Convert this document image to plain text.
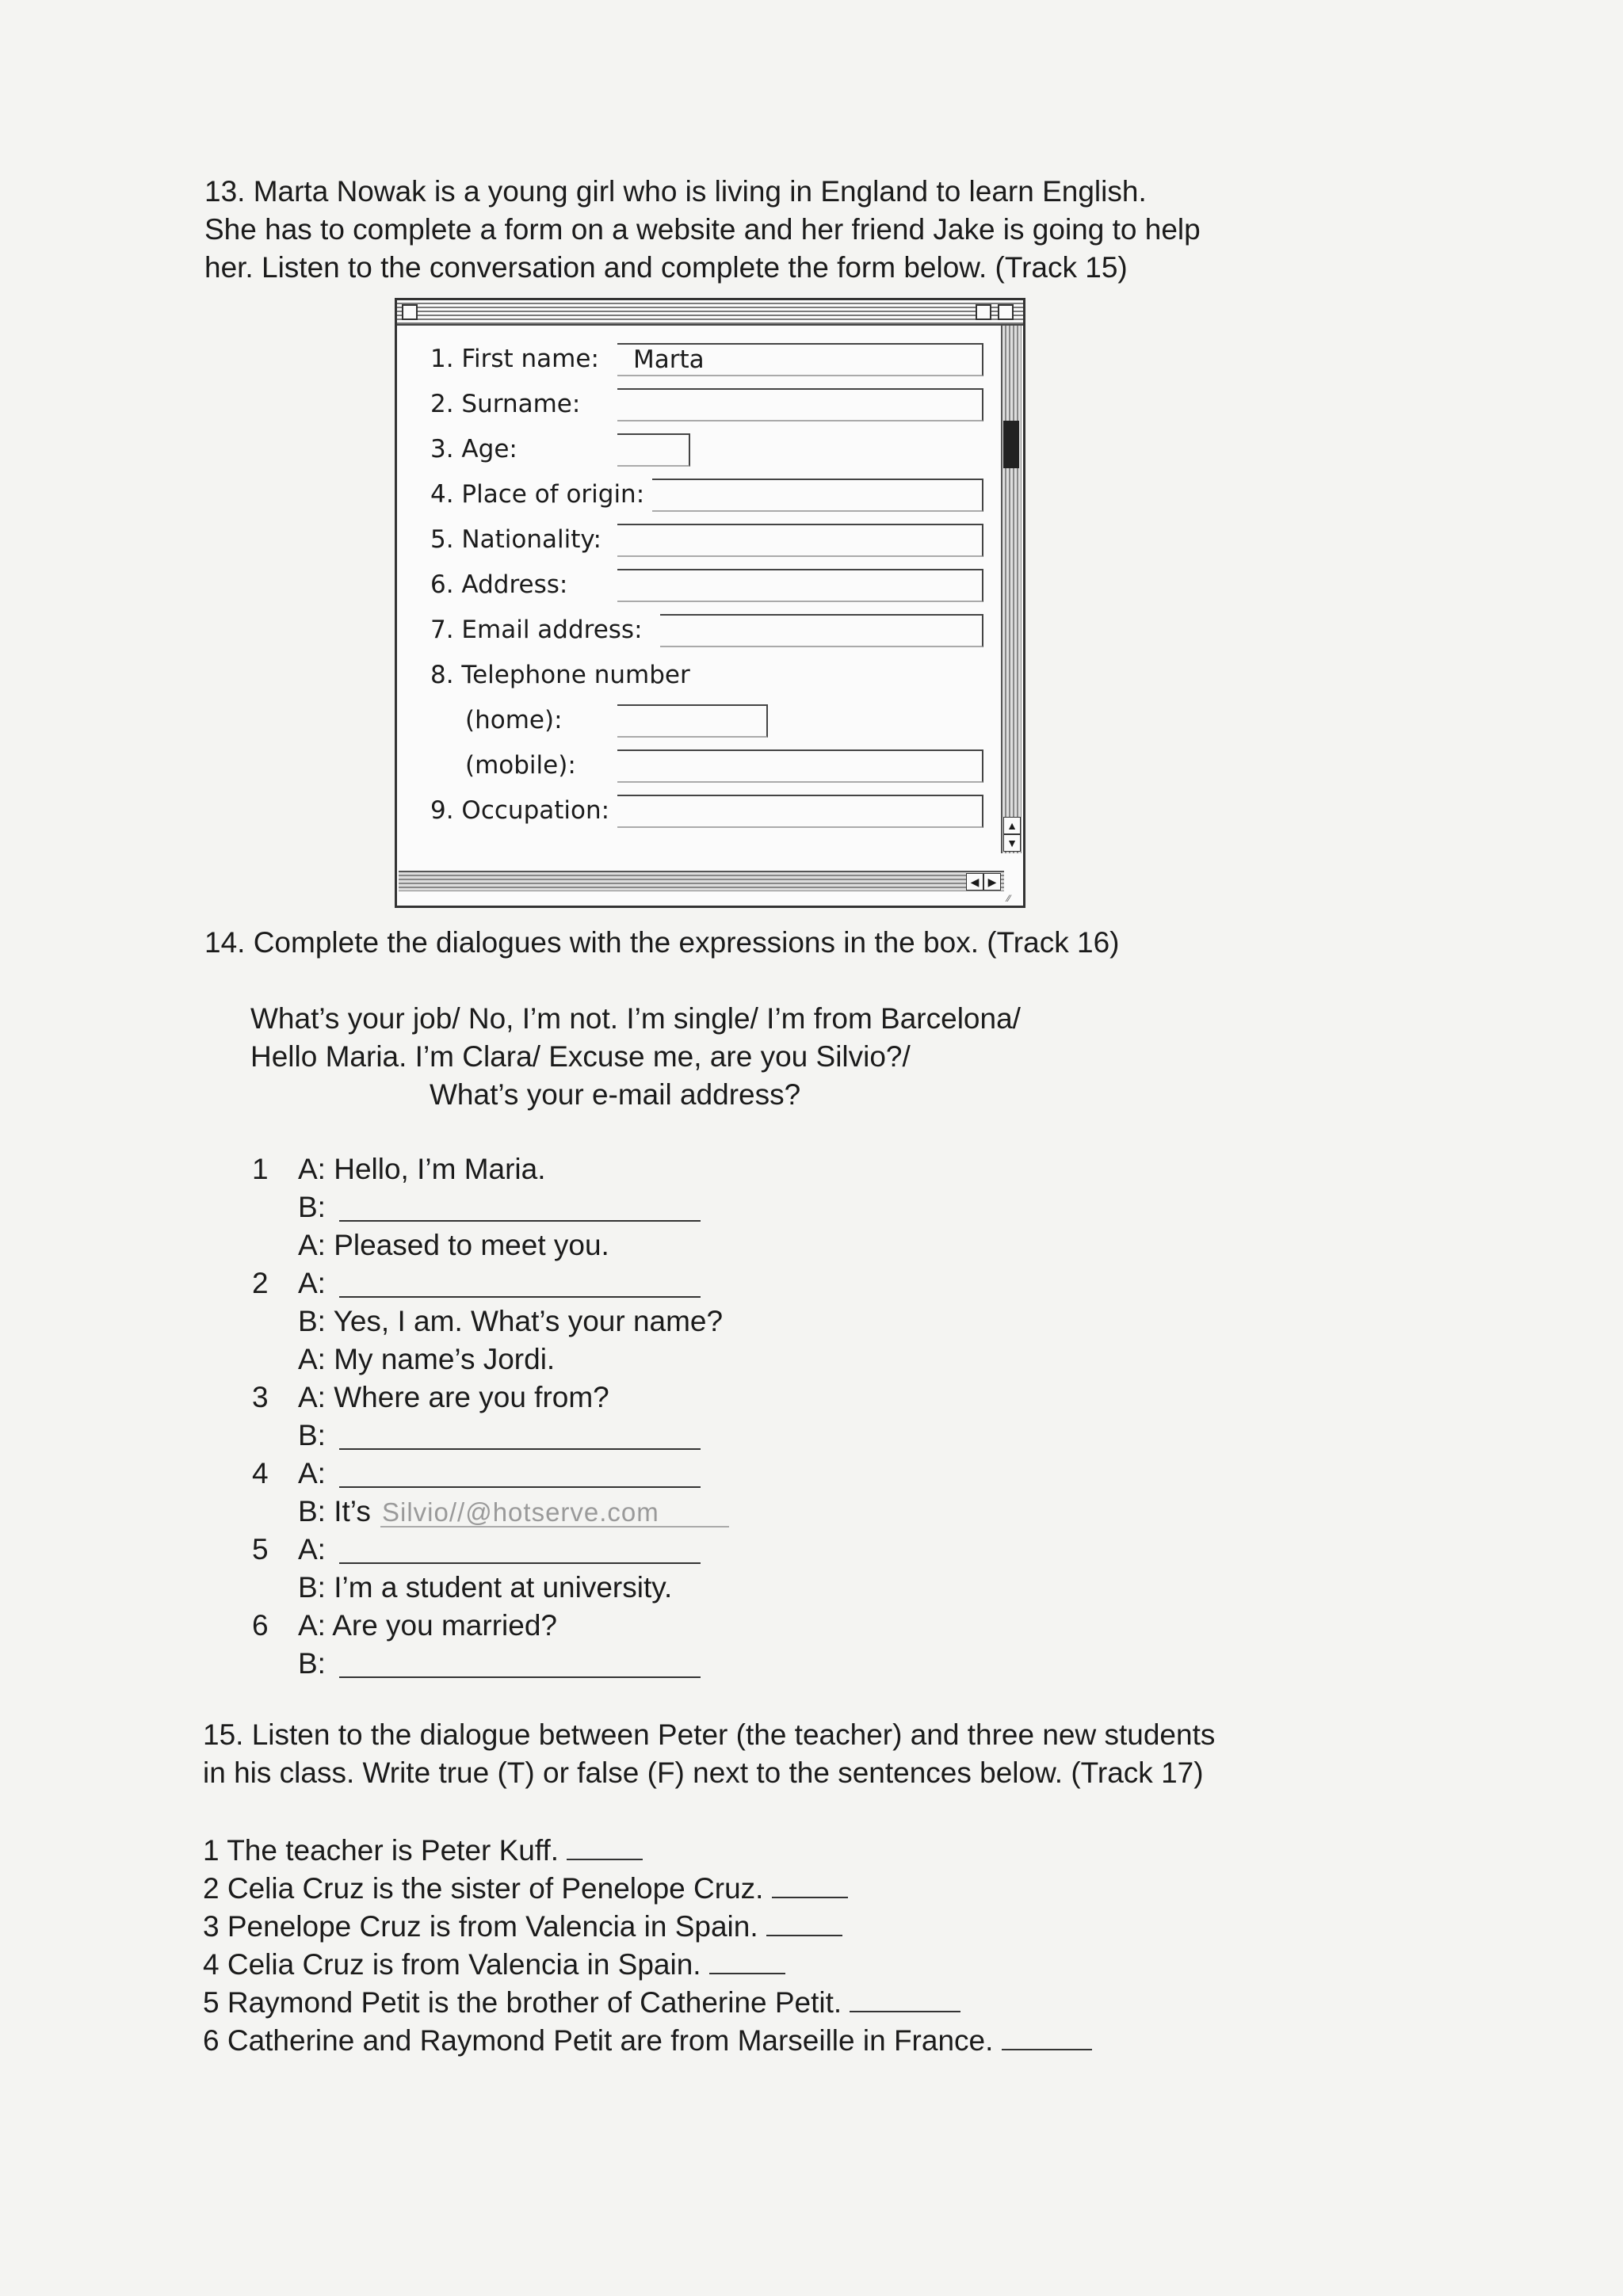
13. Marta Nowak is a young girl who is living in England to learn English.
She has to complete a form on a website and her friend Jake is going to help
her. Listen to the conversation and complete the form below. (Track 15)
1. First name:	Marta
2. Surname:
3. Age:
4. Place of origin:
5. Nationality:
6. Address:
7. Email address:
8. Telephone number
(home):
(mobile):
9. Occupation:
▲
▼
◀ ▶
⁄⁄
14. Complete the dialogues with the expressions in the box. (Track 16)
What’s your job/ No, I’m not. I’m single/ I’m from Barcelona/
Hello Maria. I’m Clara/ Excuse me, are you Silvio?/
What’s your e-mail address?
1 A: Hello, I’m Maria.
B:
A: Pleased to meet you.
2 A:
B: Yes, I am. What’s your name?
A: My name’s Jordi.
3 A: Where are you from?
B:
4 A:
B: It’s Silvio//@hotserve.com
5 A:
B: I’m a student at university.
6 A: Are you married?
B:
15. Listen to the dialogue between Peter (the teacher) and three new students
in his class. Write true (T) or false (F) next to the sentences below. (Track 17)
1 The teacher is Peter Kuff.
2 Celia Cruz is the sister of Penelope Cruz.
3 Penelope Cruz is from Valencia in Spain.
4 Celia Cruz is from Valencia in Spain.
5 Raymond Petit is the brother of Catherine Petit.
6 Catherine and Raymond Petit are from Marseille in France.
